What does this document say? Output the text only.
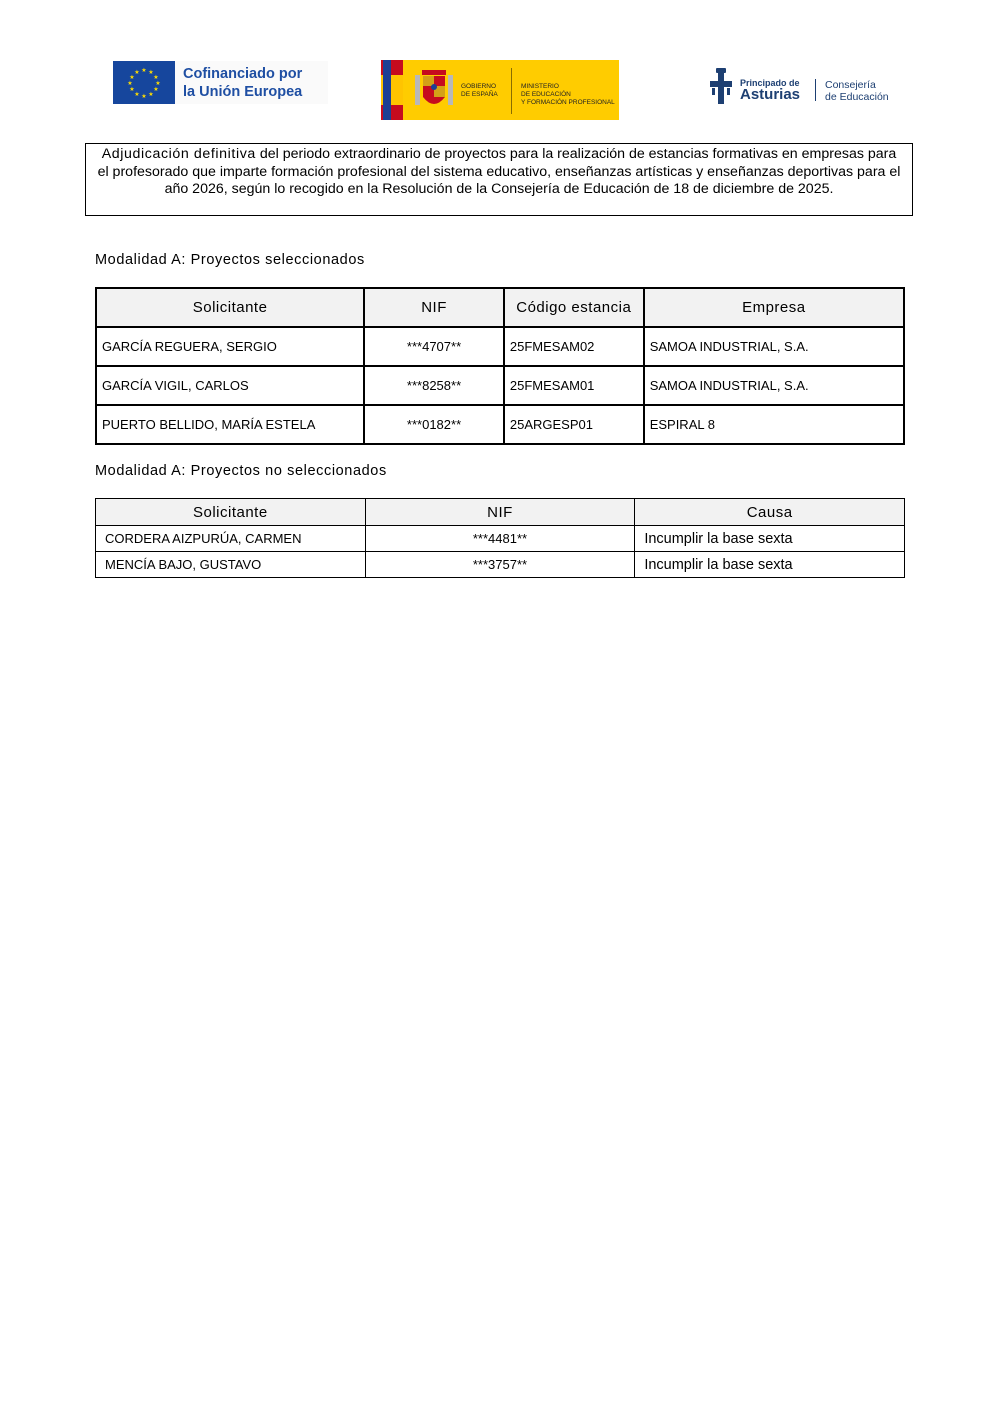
★ ★
★
★
★
★
★
★
★
★
★
★	Cofinanciado por
la Unión Europea	GOBIERNO
DE ESPAÑA
MINISTERIO
DE EDUCACIÓN
Y FORMACIÓN PROFESIONAL
Principado de
Asturias
Consejería
de Educación
Adjudicación definitiva del periodo extraordinario de proyectos para la realización de estancias formativas en empresas para el profesorado que imparte formación profesional del sistema educativo, enseñanzas artísticas y enseñanzas deportivas para el año 2026, según lo recogido en la Resolución de la Consejería de Educación de 18 de diciembre de 2025.
Modalidad A: Proyectos seleccionados
Solicitante	NIF	Código estancia	Empresa
GARCÍA REGUERA, SERGIO	***4707**	25FMESAM02	SAMOA INDUSTRIAL, S.A.
GARCÍA VIGIL, CARLOS	***8258**	25FMESAM01	SAMOA INDUSTRIAL, S.A.
PUERTO BELLIDO, MARÍA ESTELA	***0182**	25ARGESP01	ESPIRAL 8
Modalidad A: Proyectos no seleccionados
Solicitante	NIF	Causa
CORDERA AIZPURÚA, CARMEN	***4481**	Incumplir la base sexta
MENCÍA BAJO, GUSTAVO	***3757**	Incumplir la base sexta
